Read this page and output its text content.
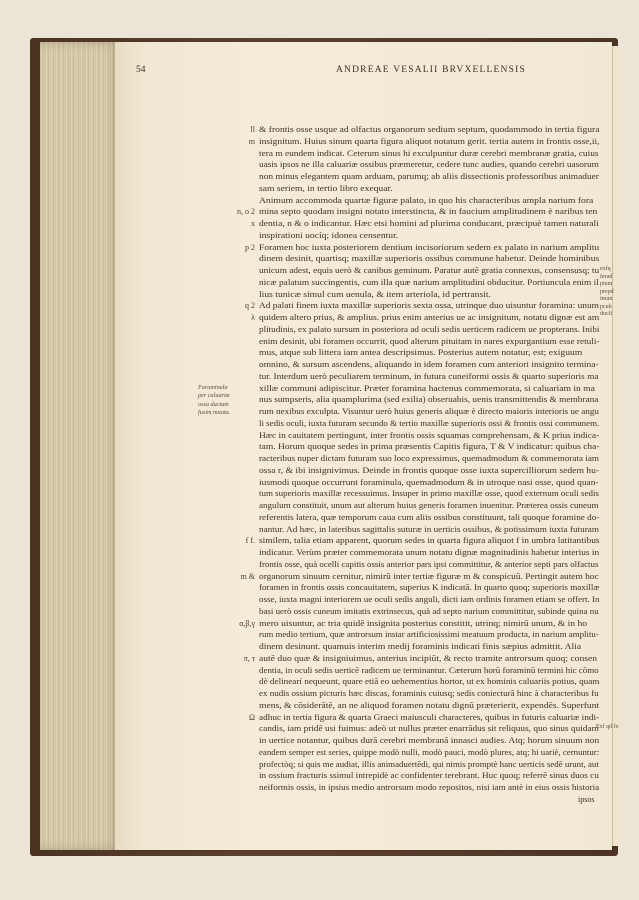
54	ANDREAE VESALII BRVXELLENSIS
& frontis osse usque ad olfactus organorum sedium septum, quodammodo in tertia figura
insignitum. Huius sinum quarta figura aliquot notatum gerit. tertia autem in frontis osse,ii,
tera m eundem indicat. Ceterum sinus hi exculpuntur duræ cerebri membranæ gratia, cuius
uasis ipsos ne illa caluariæ ossibus præmeretur, cedere tunc audies, quando cerebri uasorum
non minus elegantem quam arduam, parumq; ab aliis dissectionis professoribus animaduer
sam seriem, in tertio libro exequar.
Animum accommoda quartæ figuræ palato, in quo his characteribus ampla narium fora
mina septo quodam insigni notato interstincta, & in faucium amplitudinem è naribus ten
dentia, n & o indicantur. Hæc etsi homini ad plurima conducant, præcipuè tamen naturali
inspirationi uocíq; idonea censentur.
Foramen hoc iuxta posteriorem dentium incisoriorum sedem ex palato in narium amplitu
dinem desinit, quartisq; maxillæ superioris ossibus commune habetur. Deinde hominibus
unicum adest, equis uerò & canibus geminum. Paratur autē gratia connexus, consensusq; tu
nicæ palatum succingentis, cum illa quæ narium amplitudini obducitur. Portiuncula enim il
lius tunicæ simul cum uenula, & item arteriola, id pertransit.
Ad palati finem iuxta maxillæ superioris sexta ossa, utrinque duo uisuntur foramina: unum
quidem altero prius, & amplius. prius enim anterius ue ac insignitum, notatu dignæ est am
plitudinis, ex palato sursum in posteriora ad oculi sedis uerticem radicem ue propterans. Inibi
enim desinit, ubi foramen occurrit, quod alterum pituitam in nares expurgantium esse retuli-
mus, atque sub littera iam antea descripsimus. Posterius autem notatur, est; exiguum
omnino, & sursum ascendens, aliquando in idem foramen cum anteriori insignito termina-
tur. Interdum uerò peculiarem terminum, in futura cuneiformi ossis & quarto superioris ma
xillæ communi adipiscitur. Præter foramina hactenus commemorata, si caluariam in ma
nus sumpseris, alia quamplurima (sed exilia) obseruabis, uenis transmittendis & membrana
rum nexibus exculpta. Visuntur uerò huius generis aliquæ è directo maioris interioris ue angu
li sedis oculi, iuxta futuram secundo & tertio maxillæ superioris ossi & frontis ossi communem.
Hæc in cauitatem pertingunt, inter frontis ossis squamas comprehensam, & K prius indica-
tam. Horum quoque sedes in prima præsentis Capitis figura, T & V indicatur: quibus cha-
racteribus nuper dictam futuram suo loco expressimus, quemadmodum & commemorata iam
ossa r, & ibi insignivimus. Deinde in frontis quoque osse iuxta supercilliorum sedem hu-
iusmodi quoque occurrunt foraminula, quemadmodum & in utroque nasi osse, quod quan-
tum superioris maxillæ recessuimus. Insuper in primo maxillæ osse, quod externum oculi sedis
angulum constituit, unum aut alterum huius generis foramen inuenitur. Præterea ossis cuneum
referentis latera, quæ temporum caua cum aliis ossibus constituunt, tali quoque foramine do-
nantur. Ad hæc, in lateribus sagittalis suturæ in uerticis ossibus, & potissimum iuxta futuram
similem, talia etiam apparent, quorum sedes in quarta figura aliquot f in umbra latitantibus
indicatur. Verùm præter commemorata unum notatu dignæ magnitudinis habetur interius in
frontis osse, quà ocelli capitis ossis anterior pars ipsi committitur, & anterior septi pars olfactus
organorum sinuum cernitur, nimirū inter tertiæ figuræ m & conspicuū. Pertingit autem hoc
foramen in frontis ossis concauitatem, superius K indicatā. In quarto quoq; superioris maxillæ
osse, iuxta magni interiorem ue oculi sedis anguli, dicti iam ordinis foramen etiam se offert. In
basi uerò ossis cuneum imitatis extrinsecus, quà ad septo narium committitur, subinde quina nu
mero uisuntur, ac tria quidē insignita posterius constitit, utrinq; nimirū unum, & in ho
rum medio tertium, quæ antrorsum instar artificiosissimi meatuum producta, in narium amplitu-
dinem desinunt. quamuis interim medij foraminis indicati finis sæpius admittit. Alia
autē duo quæ & insigniuimus, anterius incipiūt, & recto tramite antrorsum quoq; consen
dentia, in oculi sedis uerticē radicem ue terminantur. Cæterum horū foraminū termini hic cōmo
dè delinearí nequeunt, quare etiā eo uehementius hortor, ut ex hominis caluariis potius, quam
ex nudis ossium picturis hæc discas, foraminis cuiusq; sedis coniecturā hinc à characteribus fu
mens, & cōsiderātē, an ne aliquod foramen notatu dignū præterierit, expendēs. Superfunt
adhuc in tertia figura & quarta Graeci maiusculi characteres, quibus in futuris caluariæ indi-
candis, iam pridē usi fuimus: adeò ut nullus præter enarrādus sit reliquus, quo sinus quidam
in uertice notantur, quibus durā cerebri membranā innasci audies. Atq; horum sinuum non
eandem semper est series, quippe modò nulli, modò pauci, modò plures, atq; hi uariè, cernuntur:
profectòq; si quis me audiat, illis animaduertēdi, qui nimis promptè hanc uerticis sedē urunt, aut
in ossium fracturis ssimul intrepidè ac confidenter terebrant. Huc quoq; referrē sinus duos cu
neiformis ossis, in ipsius medio antrorsum modo repositos, nisi iam antè in eius ossis historia
ll
m
n, o 2
x
p 2
q 2
λ
f f.
m &
α,β,γ
π, τ
Ω
Foraminula
per caluariæ
ossa ductum
fusim notata.
exfq
ferad
pium
prepd
imun
pcuh
ducli
Exf qd fx
ipsos
